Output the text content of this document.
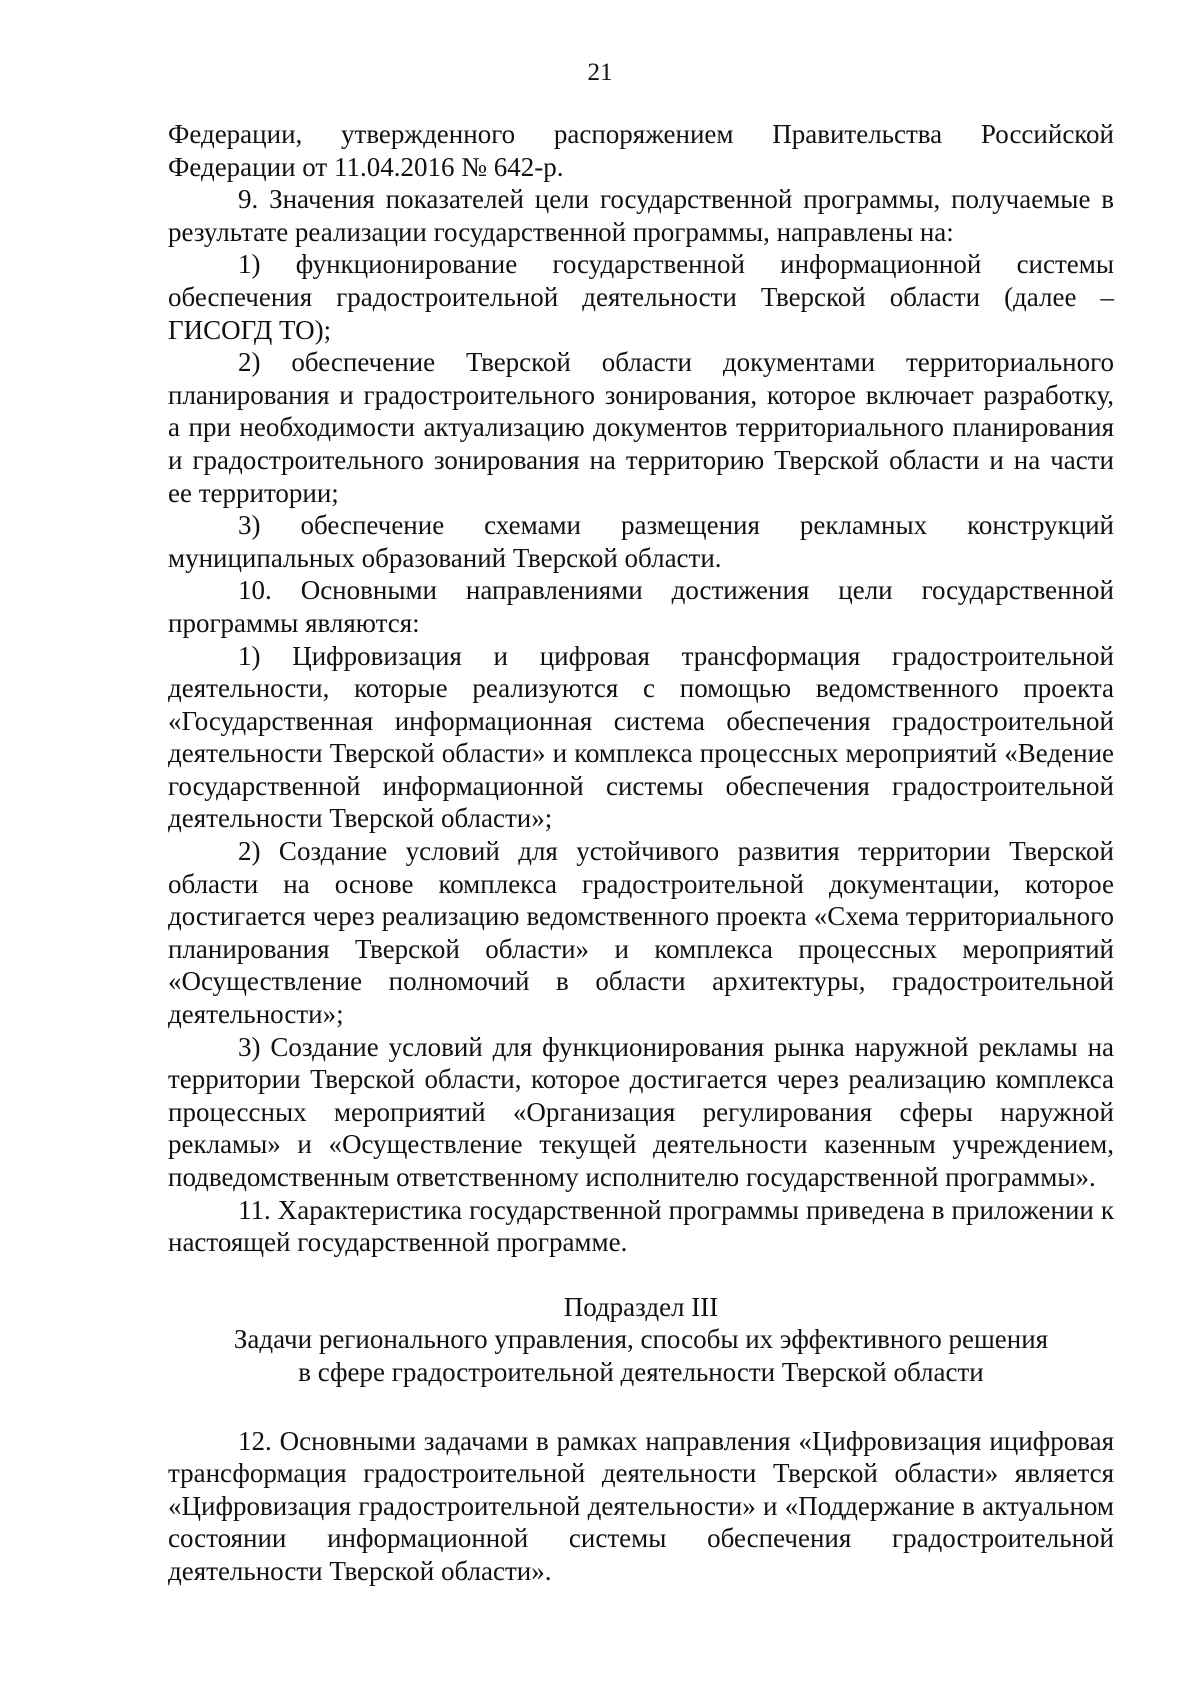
21

Федерации, утвержденного распоряжением Правительства Российской Федерации от 11.04.2016 № 642-р.

9. Значения показателей цели государственной программы, получаемые в результате реализации государственной программы, направлены на:

1) функционирование государственной информационной системы обеспечения градостроительной деятельности Тверской области (далее – ГИСОГД ТО);

2) обеспечение Тверской области документами территориального планирования и градостроительного зонирования, которое включает разработку, а при необходимости актуализацию документов территориального планирования и градостроительного зонирования на территорию Тверской области и на части ее территории;

3) обеспечение схемами размещения рекламных конструкций муниципальных образований Тверской области.

10. Основными направлениями достижения цели государственной программы являются:

1) Цифровизация и цифровая трансформация градостроительной деятельности, которые реализуются с помощью ведомственного проекта «Государственная информационная система обеспечения градостроительной деятельности Тверской области» и комплекса процессных мероприятий «Ведение государственной информационной системы обеспечения градостроительной деятельности Тверской области»;

2) Создание условий для устойчивого развития территории Тверской области на основе комплекса градостроительной документации, которое достигается через реализацию ведомственного проекта «Схема территориального планирования Тверской области» и комплекса процессных мероприятий «Осуществление полномочий в области архитектуры, градостроительной деятельности»;

3) Создание условий для функционирования рынка наружной рекламы на территории Тверской области, которое достигается через реализацию комплекса процессных мероприятий «Организация регулирования сферы наружной рекламы» и «Осуществление текущей деятельности казенным учреждением, подведомственным ответственному исполнителю государственной программы».

11. Характеристика государственной программы приведена в приложении к настоящей государственной программе.

Подраздел III

Задачи регионального управления, способы их эффективного решения

в сфере градостроительной деятельности Тверской области

12. Основными задачами в рамках направления «Цифровизация ицифровая трансформация градостроительной деятельности Тверской области» является «Цифровизация градостроительной деятельности» и «Поддержание в актуальном состоянии информационной системы обеспечения градостроительной деятельности Тверской области».
